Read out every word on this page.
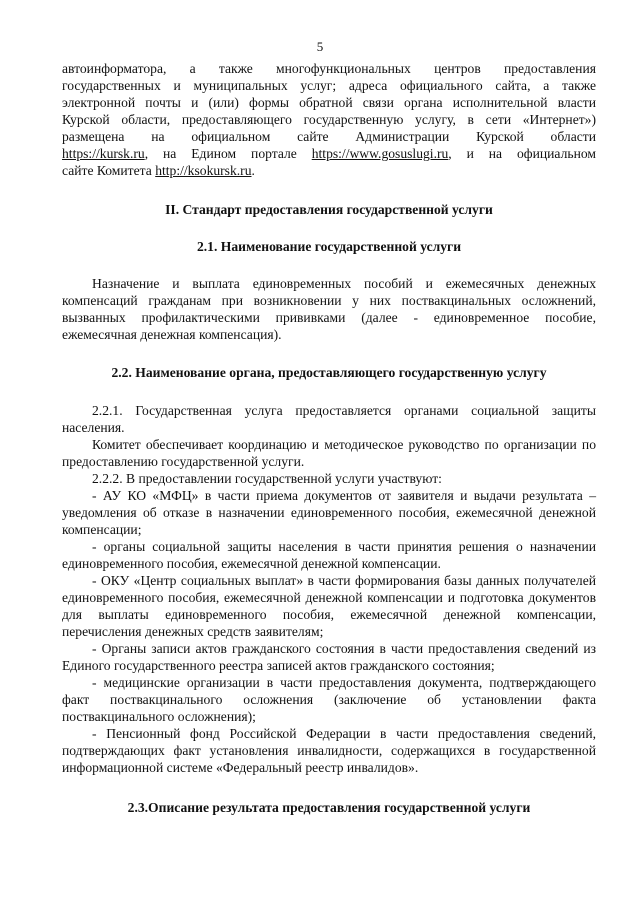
5

автоинформатора, а также многофункциональных центров предоставления

государственных и муниципальных услуг; адреса официального сайта, а также

электронной почты и (или) формы обратной связи органа исполнительной власти

Курской области, предоставляющего государственную услугу, в сети «Интернет»)

размещена на официальном сайте Администрации Курской области

https://kursk.ru, на Едином портале https://www.gosuslugi.ru, и на официальном

сайте Комитета http://ksokursk.ru.

II. Стандарт предоставления государственной услуги
2.1. Наименование государственной услуги

Назначение и выплата единовременных пособий и ежемесячных денежных компенсаций гражданам при возникновении у них поствакцинальных осложнений, вызванных профилактическими прививками (далее - единовременное пособие, ежемесячная денежная компенсация).

2.2. Наименование органа, предоставляющего государственную услугу

2.2.1. Государственная услуга предоставляется органами социальной защиты населения.

Комитет обеспечивает координацию и методическое руководство по организации по предоставлению государственной услуги.

2.2.2. В предоставлении государственной услуги участвуют:

- АУ КО «МФЦ» в части приема документов от заявителя и выдачи результата – уведомления об отказе в назначении единовременного пособия, ежемесячной денежной компенсации;

- органы социальной защиты населения в части принятия решения о назначении единовременного пособия, ежемесячной денежной компенсации.

- ОКУ «Центр социальных выплат» в части формирования базы данных получателей единовременного пособия, ежемесячной денежной компенсации и подготовка документов для выплаты единовременного пособия, ежемесячной денежной компенсации, перечисления денежных средств заявителям;

- Органы записи актов гражданского состояния в части предоставления сведений из Единого государственного реестра записей актов гражданского состояния;

- медицинские организации в части предоставления документа, подтверждающего факт поствакцинального осложнения (заключение об установлении факта поствакцинального осложнения);

- Пенсионный фонд Российской Федерации в части предоставления сведений, подтверждающих факт установления инвалидности, содержащихся в государственной информационной системе «Федеральный реестр инвалидов».

2.3.Описание результата предоставления государственной услуги
